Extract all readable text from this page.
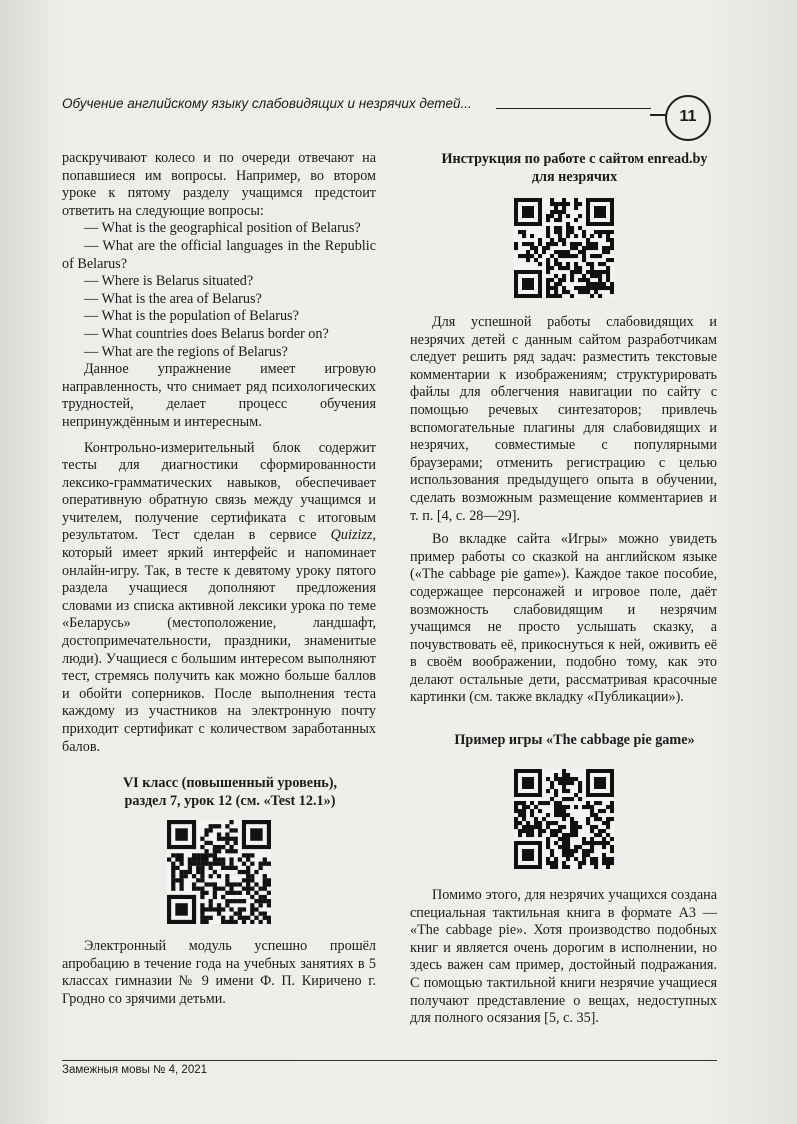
Обучение английскому языку слабовидящих и незрячих детей...
11

раскручивают колесо и по очереди отвечают на попавшиеся им вопросы. Например, во втором уроке к пятому разделу учащимся предстоит ответить на следующие вопросы:

— What is the geographical position of Belarus?

— What are the official languages in the Republic of Belarus?

— Where is Belarus situated?

— What is the area of Belarus?

— What is the population of Belarus?

— What countries does Belarus border on?

— What are the regions of Belarus?

Данное упражнение имеет игровую направленность, что снимает ряд психологических трудностей, делает процесс обучения непринуждённым и интересным.

Контрольно-измерительный блок содержит тесты для диагностики сформированности лексико-грамматических навыков, обеспечивает оперативную обратную связь между учащимся и учителем, получение сертификата с итоговым результатом. Тест сделан в сервисе Quizizz, который имеет яркий интерфейс и напоминает онлайн-игру. Так, в тесте к девятому уроку пятого раздела учащиеся дополняют предложения словами из списка активной лексики урока по теме «Беларусь» (местоположение, ландшафт, достопримечательности, праздники, знаменитые люди). Учащиеся с большим интересом выполняют тест, стремясь получить как можно больше баллов и обойти соперников. После выполнения теста каждому из участников на электронную почту приходит сертификат с количеством заработанных балов.

VI класс (повышенный уровень),

раздел 7, урок 12 (см. «Test 12.1»)

Электронный модуль успешно прошёл апробацию в течение года на учебных занятиях в 5 классах гимназии № 9 имени Ф. П. Киричено г. Гродно со зрячими детьми.

Инструкция по работе с сайтом enread.by

для незрячих

Для успешной работы слабовидящих и незрячих детей с данным сайтом разработчикам следует решить ряд задач: разместить текстовые комментарии к изображениям; структурировать файлы для облегчения навигации по сайту с помощью речевых синтезаторов; привлечь вспомогательные плагины для слабовидящих и незрячих, совместимые с популярными браузерами; отменить регистрацию с целью использования предыдущего опыта в обучении, сделать возможным размещение комментариев и т. п. [4, с. 28—29].

Во вкладке сайта «Игры» можно увидеть пример работы со сказкой на английском языке («The cabbage pie game»). Каждое такое пособие, содержащее персонажей и игровое поле, даёт возможность слабовидящим и незрячим учащимся не просто услышать сказку, а почувствовать её, прикоснуться к ней, оживить её в своём воображении, подобно тому, как это делают остальные дети, рассматривая красочные картинки (см. также вкладку «Публикации»).

Пример игры «The cabbage pie game»

Помимо этого, для незрячих учащихся создана специальная тактильная книга в формате А3 — «The cabbage pie». Хотя производство подобных книг и является очень дорогим в исполнении, но здесь важен сам пример, достойный подражания. С помощью тактильной книги незрячие учащиеся получают представление о вещах, недоступных для полного осязания [5, с. 35].

Замежныя мовы № 4, 2021
